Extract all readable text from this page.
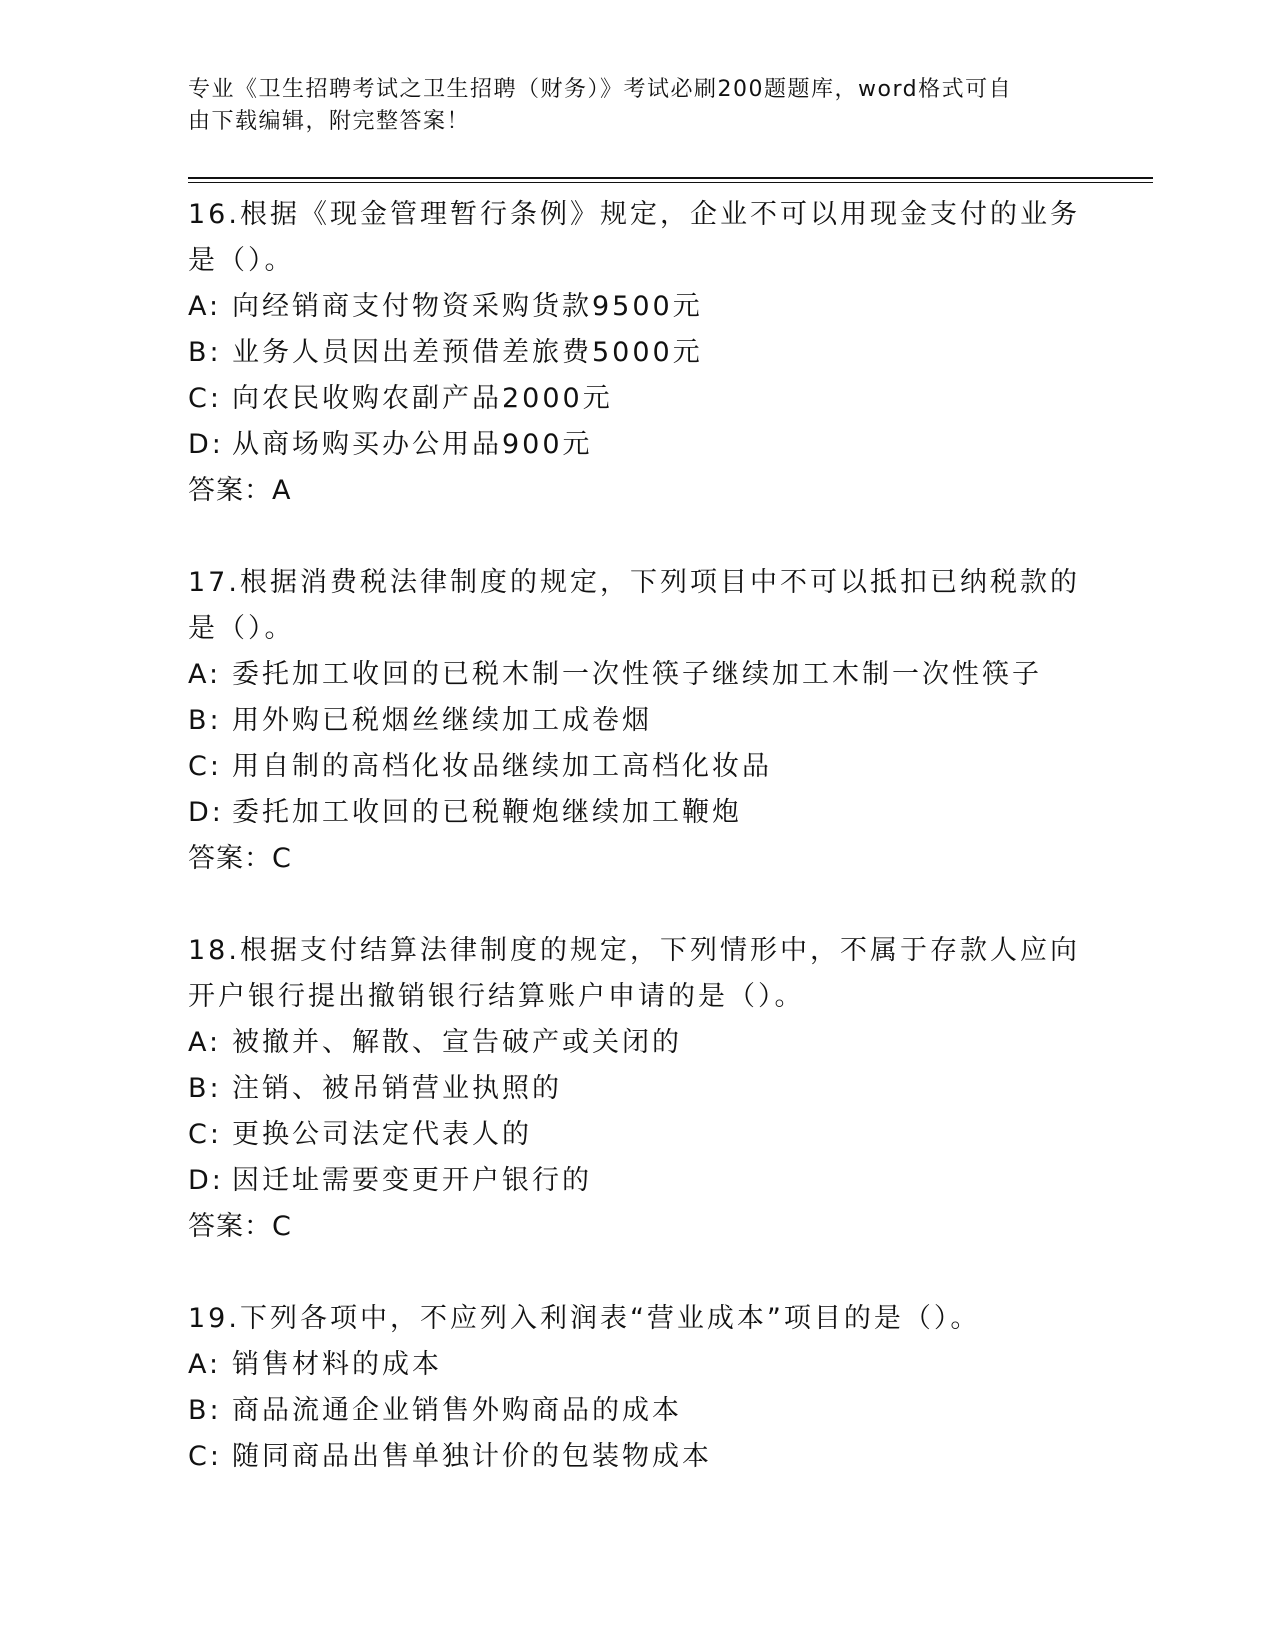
专业《卫生招聘考试之卫生招聘（财务）》考试必刷200题题库，word格式可自
由下载编辑，附完整答案！
16.根据《现金管理暂行条例》规定，企业不可以用现金支付的业务是（）。
A: 向经销商支付物资采购货款9500元
B: 业务人员因出差预借差旅费5000元
C: 向农民收购农副产品2000元
D: 从商场购买办公用品900元
答案：A
17.根据消费税法律制度的规定，下列项目中不可以抵扣已纳税款的是（）。
A: 委托加工收回的已税木制一次性筷子继续加工木制一次性筷子
B: 用外购已税烟丝继续加工成卷烟
C: 用自制的高档化妆品继续加工高档化妆品
D: 委托加工收回的已税鞭炮继续加工鞭炮
答案：C
18.根据支付结算法律制度的规定，下列情形中，不属于存款人应向开户银行提出撤销银行结算账户申请的是（）。
A: 被撤并、解散、宣告破产或关闭的
B: 注销、被吊销营业执照的
C: 更换公司法定代表人的
D: 因迁址需要变更开户银行的
答案：C
19.下列各项中，不应列入利润表“营业成本”项目的是（）。
A: 销售材料的成本
B: 商品流通企业销售外购商品的成本
C: 随同商品出售单独计价的包装物成本
